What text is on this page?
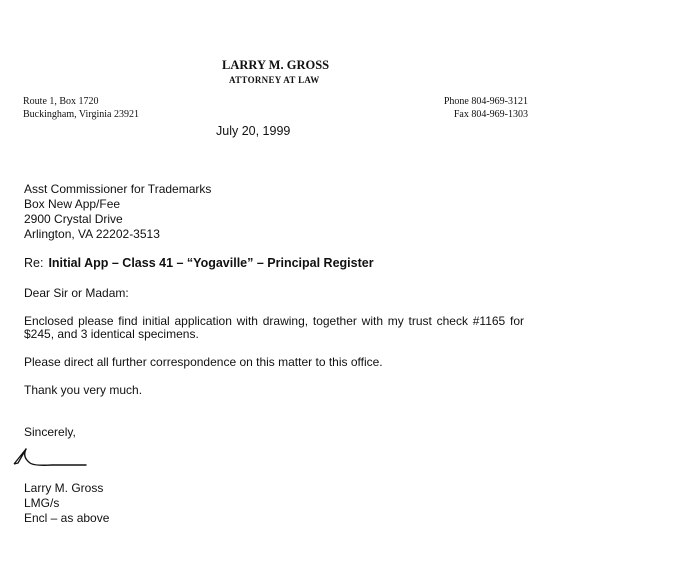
LARRY M. GROSS
ATTORNEY AT LAW
Route 1, Box 1720
Buckingham, Virginia 23921
Phone 804-969-3121
Fax 804-969-1303
July 20, 1999
Asst Commissioner for Trademarks
Box New App/Fee
2900 Crystal Drive
Arlington, VA 22202-3513
Re: Initial App – Class 41 – “Yogaville” – Principal Register
Dear Sir or Madam:
Enclosed please find initial application with drawing, together with my trust check #1165 for $245, and 3 identical specimens.
Please direct all further correspondence on this matter to this office.
Thank you very much.
Sincerely,
Larry M. Gross
LMG/s
Encl – as above
